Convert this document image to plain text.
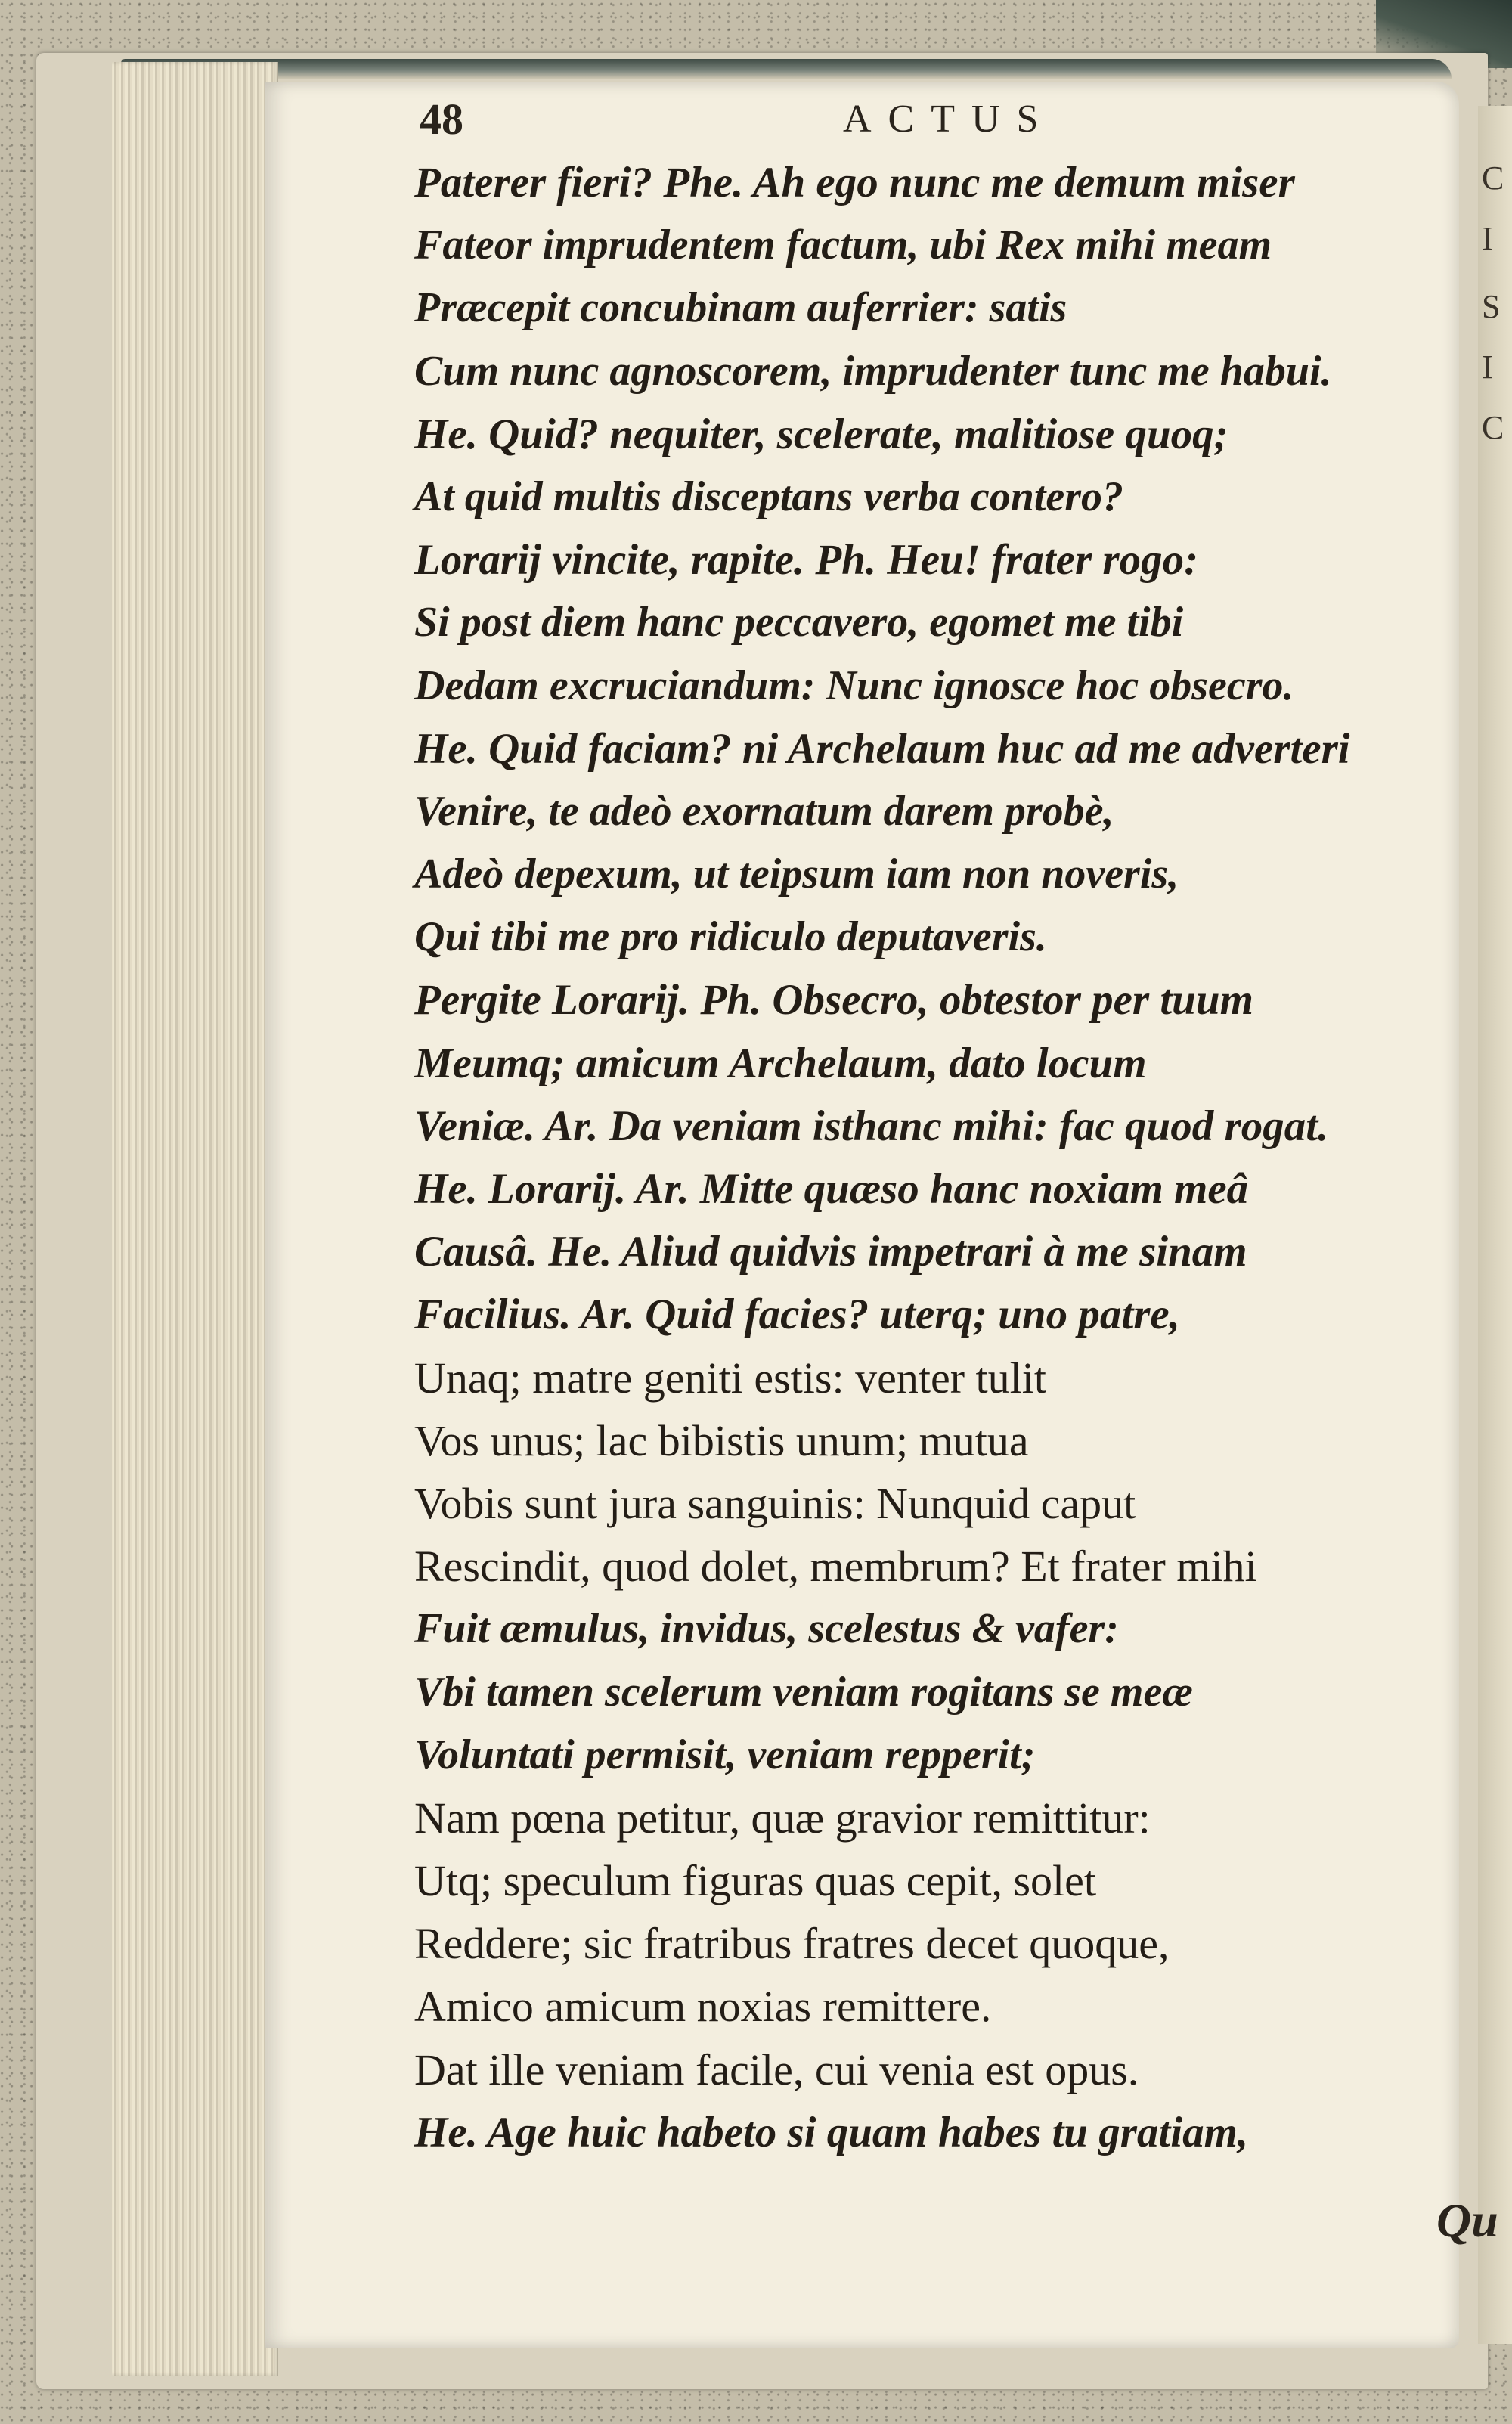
C
I
S
I
C
48	ACTUS
Paterer fieri? Phe. Ah ego nunc me demum miser
Fateor imprudentem factum, ubi Rex mihi meam
Præcepit concubinam auferrier: satis
Cum nunc agnoscorem, imprudenter tunc me habui.
He. Quid? nequiter, scelerate, malitiose quoq;
At quid multis disceptans verba contero?
Lorarij vincite, rapite. Ph. Heu! frater rogo:
Si post diem hanc peccavero, egomet me tibi
Dedam excruciandum: Nunc ignosce hoc obsecro.
He. Quid faciam? ni Archelaum huc ad me adverteri
Venire, te adeò exornatum darem probè,
Adeò depexum, ut teipsum iam non noveris,
Qui tibi me pro ridiculo deputaveris.
Pergite Lorarij. Ph. Obsecro, obtestor per tuum
Meumq; amicum Archelaum, dato locum
Veniæ. Ar. Da veniam isthanc mihi: fac quod rogat.
He. Lorarij. Ar. Mitte quæso hanc noxiam meâ
Causâ. He. Aliud quidvis impetrari à me sinam
Facilius. Ar. Quid facies? uterq; uno patre,
Unaq; matre geniti estis: venter tulit
Vos unus; lac bibistis unum; mutua
Vobis sunt jura sanguinis: Nunquid caput
Rescindit, quod dolet, membrum? Et frater mihi
Fuit æmulus, invidus, scelestus & vafer:
Vbi tamen scelerum veniam rogitans se meæ
Voluntati permisit, veniam repperit;
Nam pœna petitur, quæ gravior remittitur:
Utq; speculum figuras quas cepit, solet
Reddere; sic fratribus fratres decet quoque,
Amico amicum noxias remittere.
Dat ille veniam facile, cui venia est opus.
He. Age huic habeto si quam habes tu gratiam,
Qu
